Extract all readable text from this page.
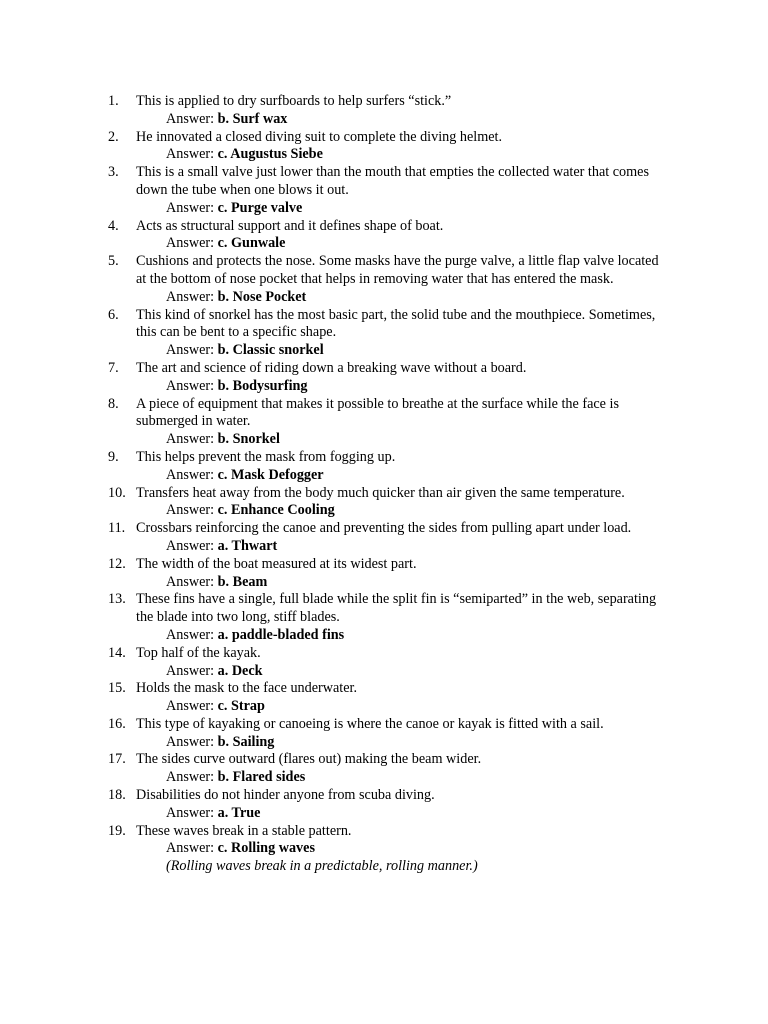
1.	This is applied to dry surfboards to help surfers “stick.”
Answer: b. Surf wax
2.	He innovated a closed diving suit to complete the diving helmet.
Answer: c. Augustus Siebe
3.	This is a small valve just lower than the mouth that empties the collected water that comes down the tube when one blows it out.
Answer: c. Purge valve
4.	Acts as structural support and it defines shape of boat.
Answer: c. Gunwale
5.	Cushions and protects the nose. Some masks have the purge valve, a little flap valve located at the bottom of nose pocket that helps in removing water that has entered the mask.
Answer: b. Nose Pocket
6.	This kind of snorkel has the most basic part, the solid tube and the mouthpiece. Sometimes, this can be bent to a specific shape.
Answer: b. Classic snorkel
7.	The art and science of riding down a breaking wave without a board.
Answer: b. Bodysurfing
8.	A piece of equipment that makes it possible to breathe at the surface while the face is submerged in water.
Answer: b. Snorkel
9.	This helps prevent the mask from fogging up.
Answer: c. Mask Defogger
10. Transfers heat away from the body much quicker than air given the same temperature.
Answer: c. Enhance Cooling
11. Crossbars reinforcing the canoe and preventing the sides from pulling apart under load.
Answer: a. Thwart
12. The width of the boat measured at its widest part.
Answer: b. Beam
13. These fins have a single, full blade while the split fin is “semiparted” in the web, separating the blade into two long, stiff blades.
Answer: a. paddle-bladed fins
14. Top half of the kayak.
Answer: a. Deck
15. Holds the mask to the face underwater.
Answer: c. Strap
16. This type of kayaking or canoeing is where the canoe or kayak is fitted with a sail.
Answer: b. Sailing
17. The sides curve outward (flares out) making the beam wider.
Answer: b. Flared sides
18. Disabilities do not hinder anyone from scuba diving.
Answer: a. True
19. These waves break in a stable pattern.
Answer: c. Rolling waves
(Rolling waves break in a predictable, rolling manner.)
